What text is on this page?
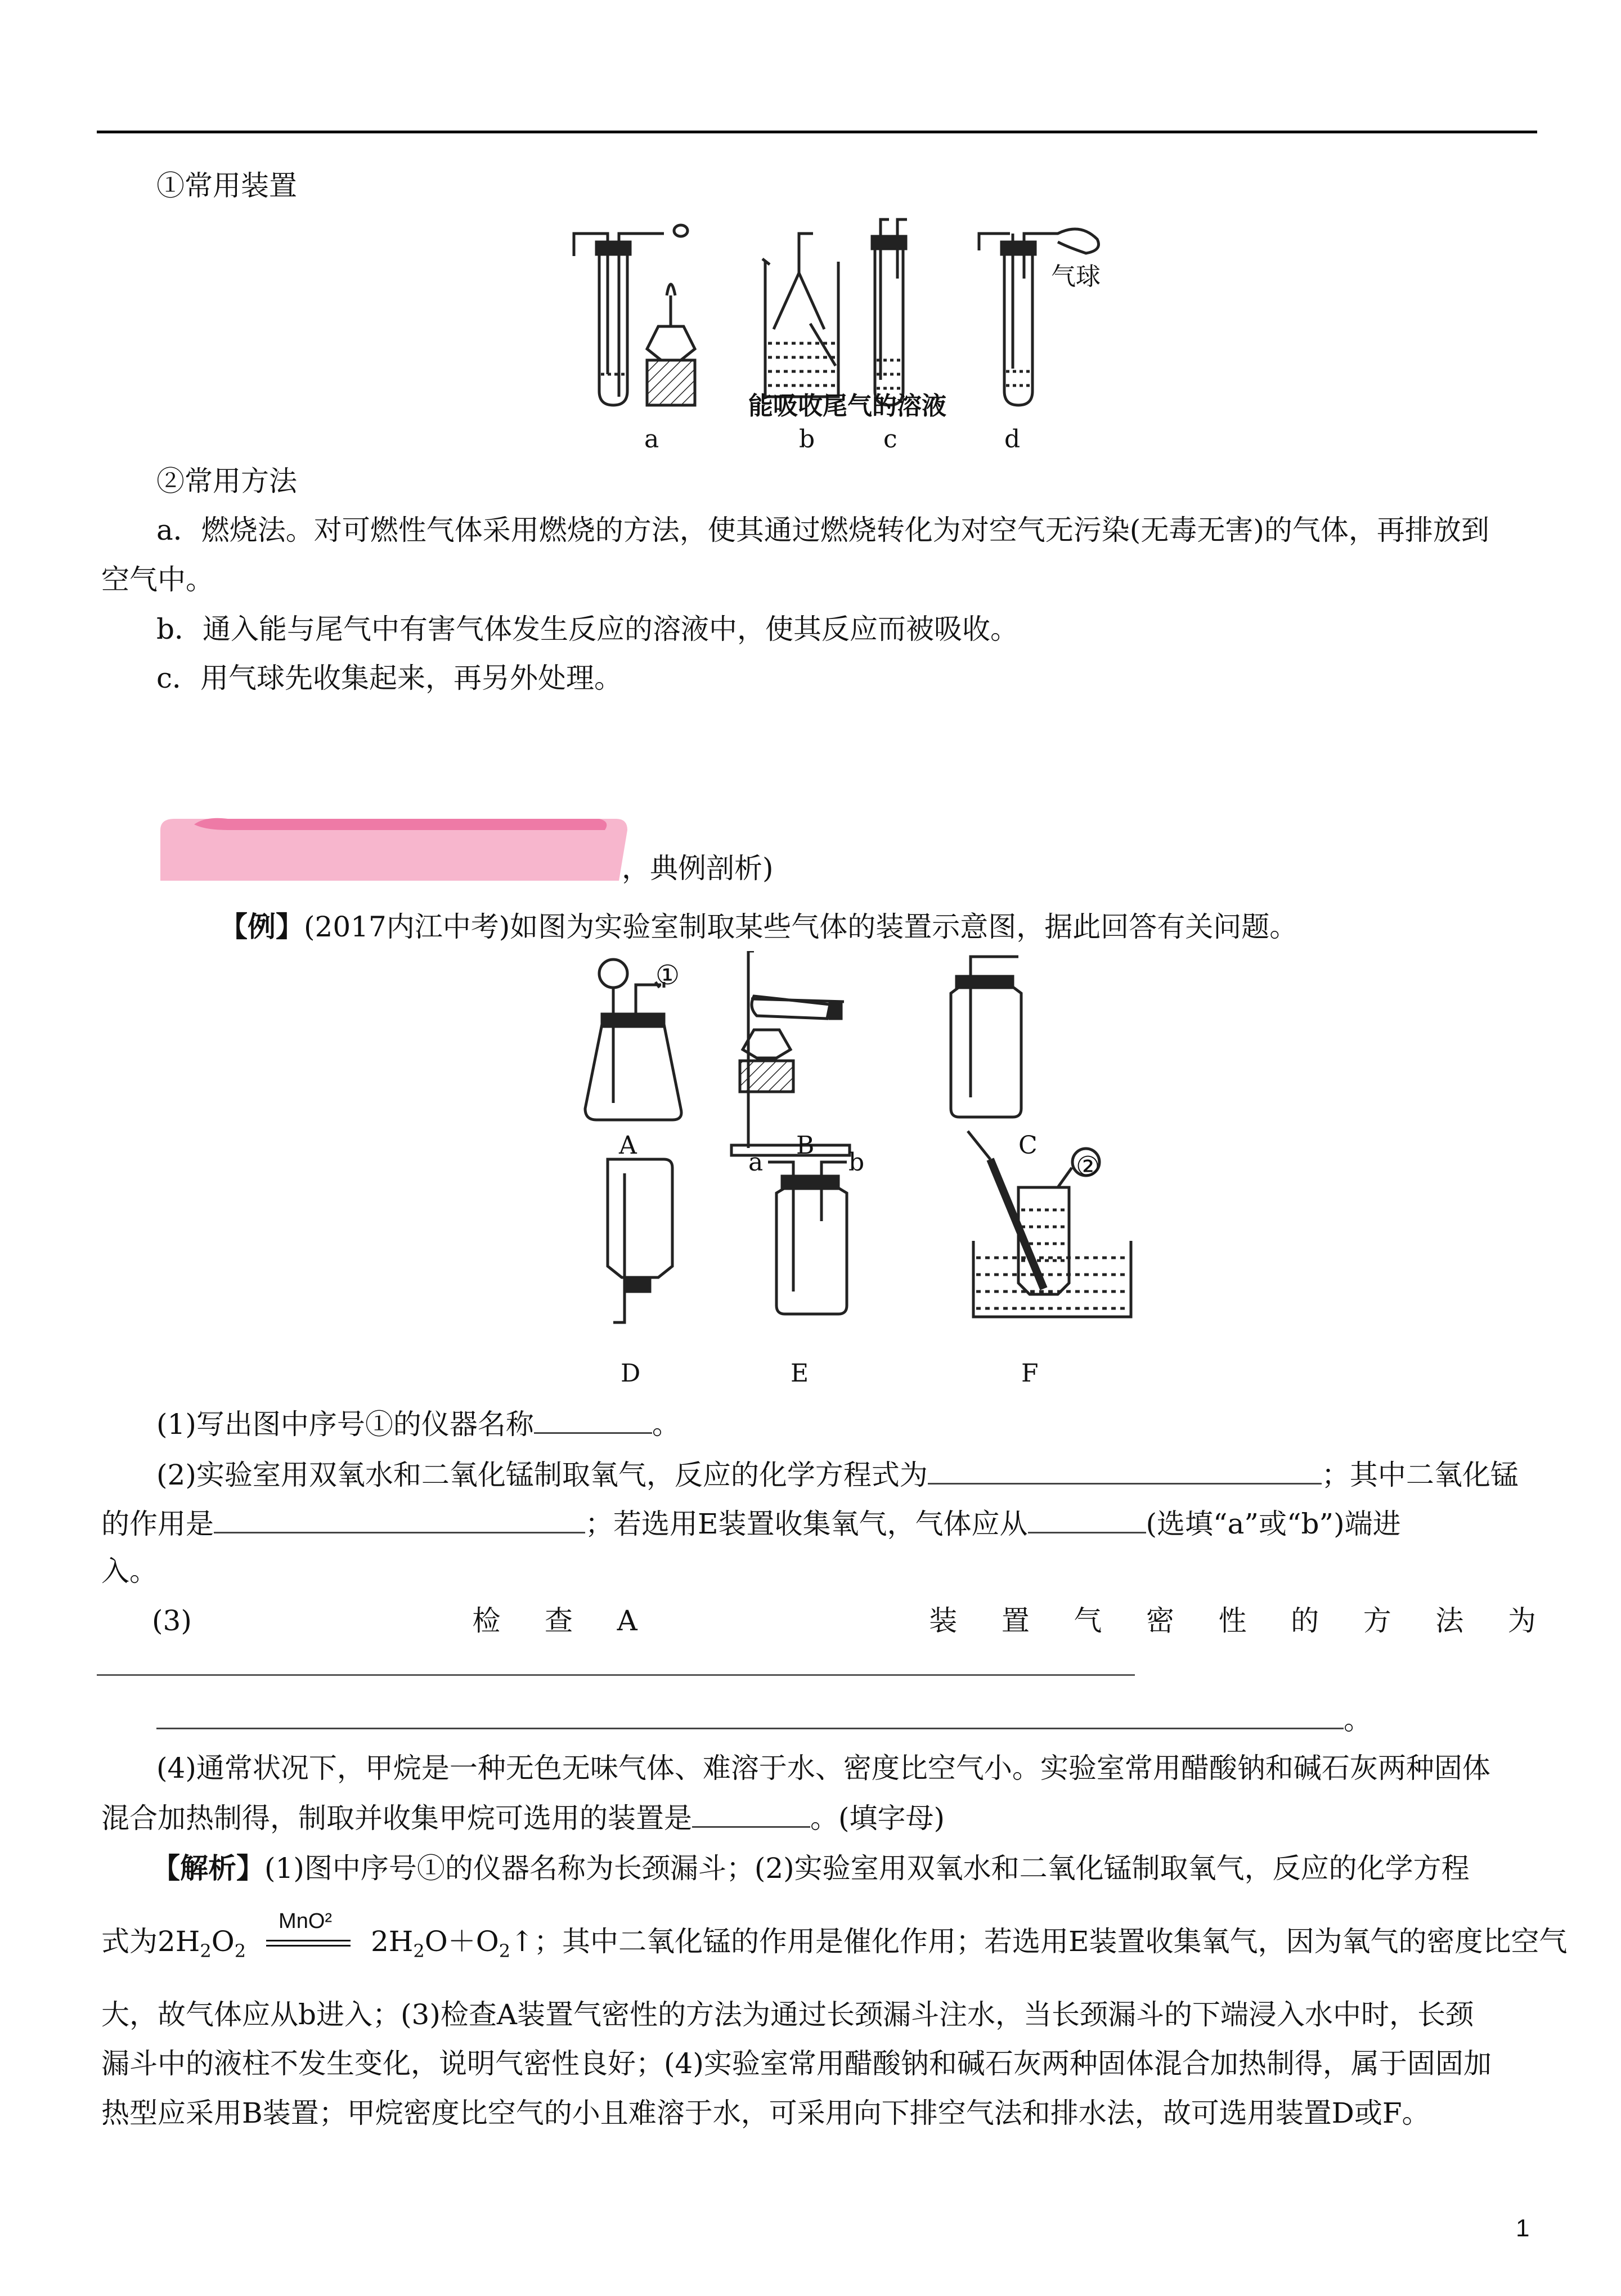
①常用装置
气球
能吸收尾气的溶液
a	b	c	d
②常用方法
a．燃烧法。对可燃性气体采用燃烧的方法，使其通过燃烧转化为对空气无污染(无毒无害)的气体，再排放到
空气中。
b．通入能与尾气中有害气体发生反应的溶液中，使其反应而被吸收。
c．用气球先收集起来，再另外处理。
，典例剖析)
【例】(2017内江中考)如图为实验室制取某些气体的装置示意图，据此回答有关问题。
①
②
a	b
A	B	C
D	E	F
(1)写出图中序号①的仪器名称	。
(2)实验室用双氧水和二氧化锰制取氧气，反应的化学方程式为	；其中二氧化锰
的作用是	；若选用E装置收集氧气，气体应从	(选填“a”或“b”)端进
入。
(3)	检 查 A	装 置 气 密 性 的 方 法 为
。
(4)通常状况下，甲烷是一种无色无味气体、难溶于水、密度比空气小。实验室常用醋酸钠和碱石灰两种固体
混合加热制得，制取并收集甲烷可选用的装置是	。(填字母)
【解析】(1)图中序号①的仪器名称为长颈漏斗；(2)实验室用双氧水和二氧化锰制取氧气，反应的化学方程
式为$2H_2O_2$
MnO²
$2H_2O+O_2↑$；其中二氧化锰的作用是催化作用；若选用E装置收集氧气，因为氧气的密度比空气
大，故气体应从b进入；(3)检查A装置气密性的方法为通过长颈漏斗注水，当长颈漏斗的下端浸入水中时，长颈
漏斗中的液柱不发生变化，说明气密性良好；(4)实验室常用醋酸钠和碱石灰两种固体混合加热制得，属于固固加
热型应采用B装置；甲烷密度比空气的小且难溶于水，可采用向下排空气法和排水法，故可选用装置D或F。
1
